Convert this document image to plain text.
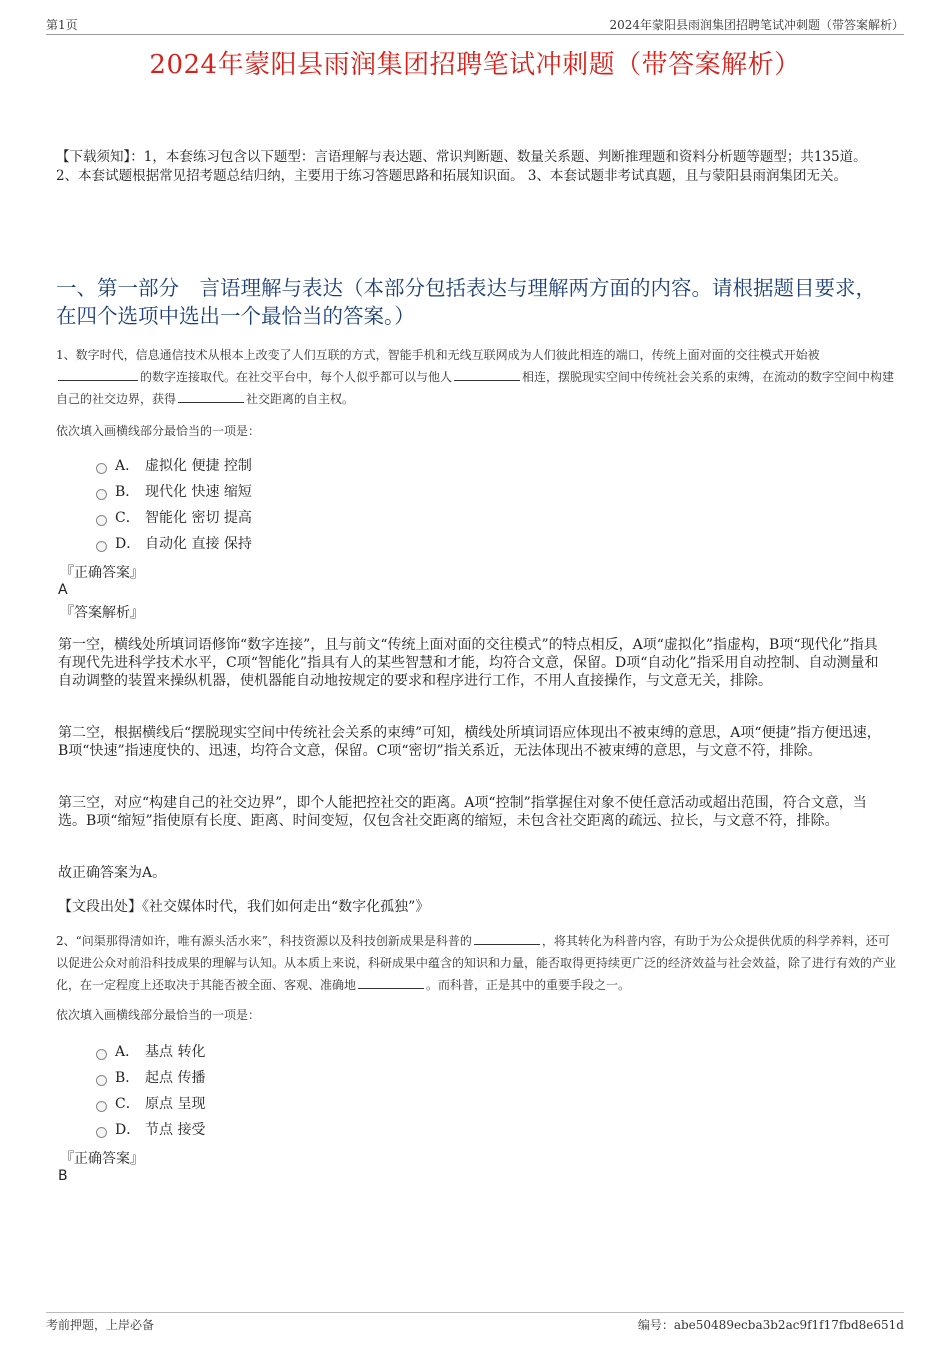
第1页	2024年蒙阳县雨润集团招聘笔试冲刺题（带答案解析）
2024年蒙阳县雨润集团招聘笔试冲刺题（带答案解析）
【下载须知】：1，本套练习包含以下题型：言语理解与表达题、常识判断题、数量关系题、判断推理题和资料分析题等题型；共135道。 2、本套试题根据常见招考题总结归纳，主要用于练习答题思路和拓展知识面。 3、本套试题非考试真题，且与蒙阳县雨润集团无关。
一、第一部分　言语理解与表达（本部分包括表达与理解两方面的内容。请根据题目要求，在四个选项中选出一个最恰当的答案。）
1、数字时代，信息通信技术从根本上改变了人们互联的方式，智能手机和无线互联网成为人们彼此相连的端口，传统上面对面的交往模式开始被的数字连接取代。在社交平台中，每个人似乎都可以与他人	相连，摆脱现实空间中传统社会关系的束缚，在流动的数字空间中构建自己的社交边界，获得	社交距离的自主权。
依次填入画横线部分最恰当的一项是：
A． 虚拟化 便捷 控制
B． 现代化 快速 缩短
C． 智能化 密切 提高
D． 自动化 直接 保持
『正确答案』
A
『答案解析』
第一空，横线处所填词语修饰“数字连接”，且与前文“传统上面对面的交往模式”的特点相反，A项“虚拟化”指虚构，B项“现代化”指具有现代先进科学技术水平，C项“智能化”指具有人的某些智慧和才能，均符合文意，保留。D项“自动化”指采用自动控制、自动测量和自动调整的装置来操纵机器，使机器能自动地按规定的要求和程序进行工作，不用人直接操作，与文意无关，排除。
第二空，根据横线后“摆脱现实空间中传统社会关系的束缚”可知，横线处所填词语应体现出不被束缚的意思，A项“便捷”指方便迅速，B项“快速”指速度快的、迅速，均符合文意，保留。C项“密切”指关系近，无法体现出不被束缚的意思，与文意不符，排除。
第三空，对应“构建自己的社交边界”，即个人能把控社交的距离。A项“控制”指掌握住对象不使任意活动或超出范围，符合文意，当选。B项“缩短”指使原有长度、距离、时间变短，仅包含社交距离的缩短，未包含社交距离的疏远、拉长，与文意不符，排除。
故正确答案为A。
【文段出处】《社交媒体时代，我们如何走出“数字化孤独”》
2、“问渠那得清如许，唯有源头活水来”，科技资源以及科技创新成果是科普的	，将其转化为科普内容，有助于为公众提供优质的科学养料，还可以促进公众对前沿科技成果的理解与认知。从本质上来说，科研成果中蕴含的知识和力量，能否取得更持续更广泛的经济效益与社会效益，除了进行有效的产业化，在一定程度上还取决于其能否被全面、客观、准确地	。而科普，正是其中的重要手段之一。
依次填入画横线部分最恰当的一项是：
A． 基点 转化
B． 起点 传播
C． 原点 呈现
D． 节点 接受
『正确答案』
B
考前押题，上岸必备	编号：abe50489ecba3b2ac9f1f17fbd8e651d
